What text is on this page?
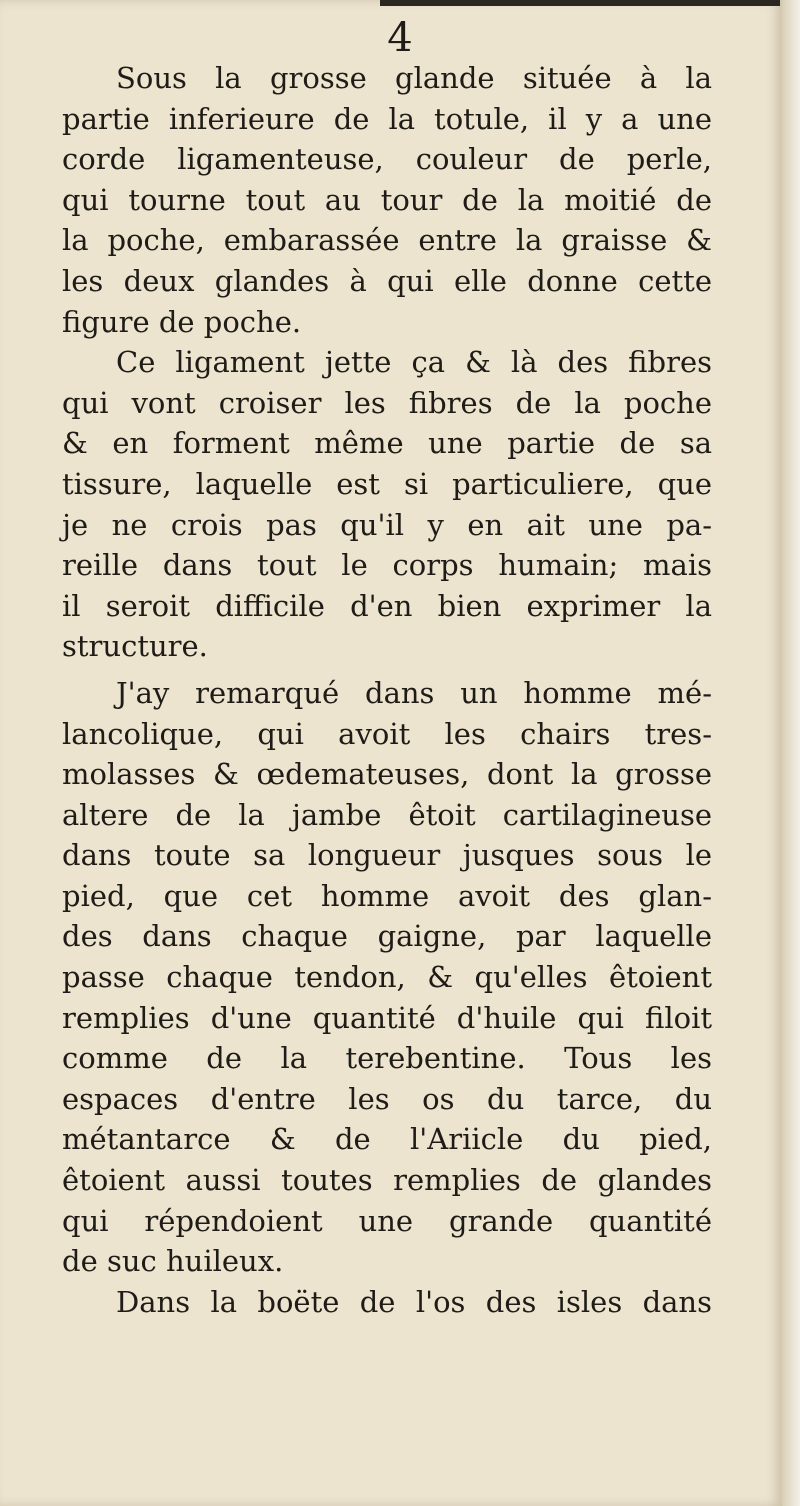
4
Sous la grosse glande située à la
partie inferieure de la totule, il y a une
corde ligamenteuse, couleur de perle,
qui tourne tout au tour de la moitié de
la poche, embarassée entre la graisse &
les deux glandes à qui elle donne cette
figure de poche.
Ce ligament jette ça & là des fibres
qui vont croiser les fibres de la poche
& en forment même une partie de sa
tissure, laquelle est si particuliere, que
je ne crois pas qu'il y en ait une pa-
reille dans tout le corps humain; mais
il seroit difficile d'en bien exprimer la
structure.
J'ay remarqué dans un homme mé-
lancolique, qui avoit les chairs tres-
molasses & œdemateuses, dont la grosse
altere de la jambe êtoit cartilagineuse
dans toute sa longueur jusques sous le
pied, que cet homme avoit des glan-
des dans chaque gaigne, par laquelle
passe chaque tendon, & qu'elles êtoient
remplies d'une quantité d'huile qui filoit
comme de la terebentine. Tous les
espaces d'entre les os du tarce, du
métantarce & de l'Ariicle du pied,
êtoient aussi toutes remplies de glandes
qui répendoient une grande quantité
de suc huileux.
Dans la boëte de l'os des isles dans
